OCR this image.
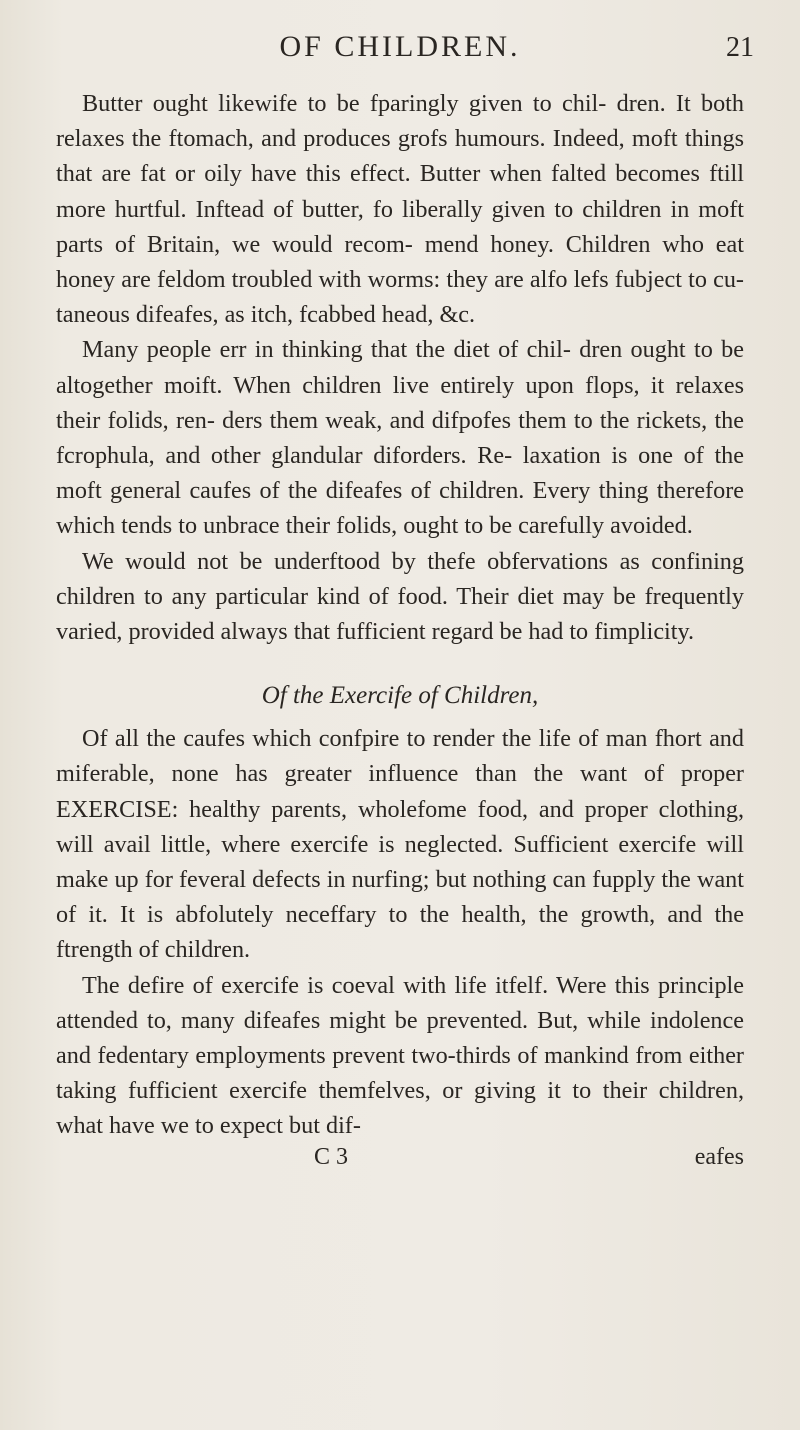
OF CHILDREN.	21

Butter ought likewife to be fparingly given to chil- dren. It both relaxes the ftomach, and produces grofs humours. Indeed, moft things that are fat or oily have this effect. Butter when falted becomes ftill more hurtful. Inftead of butter, fo liberally given to children in moft parts of Britain, we would recom- mend honey. Children who eat honey are feldom troubled with worms: they are alfo lefs fubject to cu- taneous difeafes, as itch, fcabbed head, &c.

Many people err in thinking that the diet of chil- dren ought to be altogether moift. When children live entirely upon flops, it relaxes their folids, ren- ders them weak, and difpofes them to the rickets, the fcrophula, and other glandular diforders. Re- laxation is one of the moft general caufes of the difeafes of children. Every thing therefore which tends to unbrace their folids, ought to be carefully avoided.

We would not be underftood by thefe obfervations as confining children to any particular kind of food. Their diet may be frequently varied, provided always that fufficient regard be had to fimplicity.

Of the Exercife of Children,

Of all the caufes which confpire to render the life of man fhort and miferable, none has greater influence than the want of proper EXERCISE: healthy parents, wholefome food, and proper clothing, will avail little, where exercife is neglected. Sufficient exercife will make up for feveral defects in nurfing; but nothing can fupply the want of it. It is abfolutely neceffary to the health, the growth, and the ftrength of children.

The defire of exercife is coeval with life itfelf. Were this principle attended to, many difeafes might be prevented. But, while indolence and fedentary employments prevent two-thirds of mankind from either taking fufficient exercife themfelves, or giving it to their children, what have we to expect but dif-

C 3	eafes
